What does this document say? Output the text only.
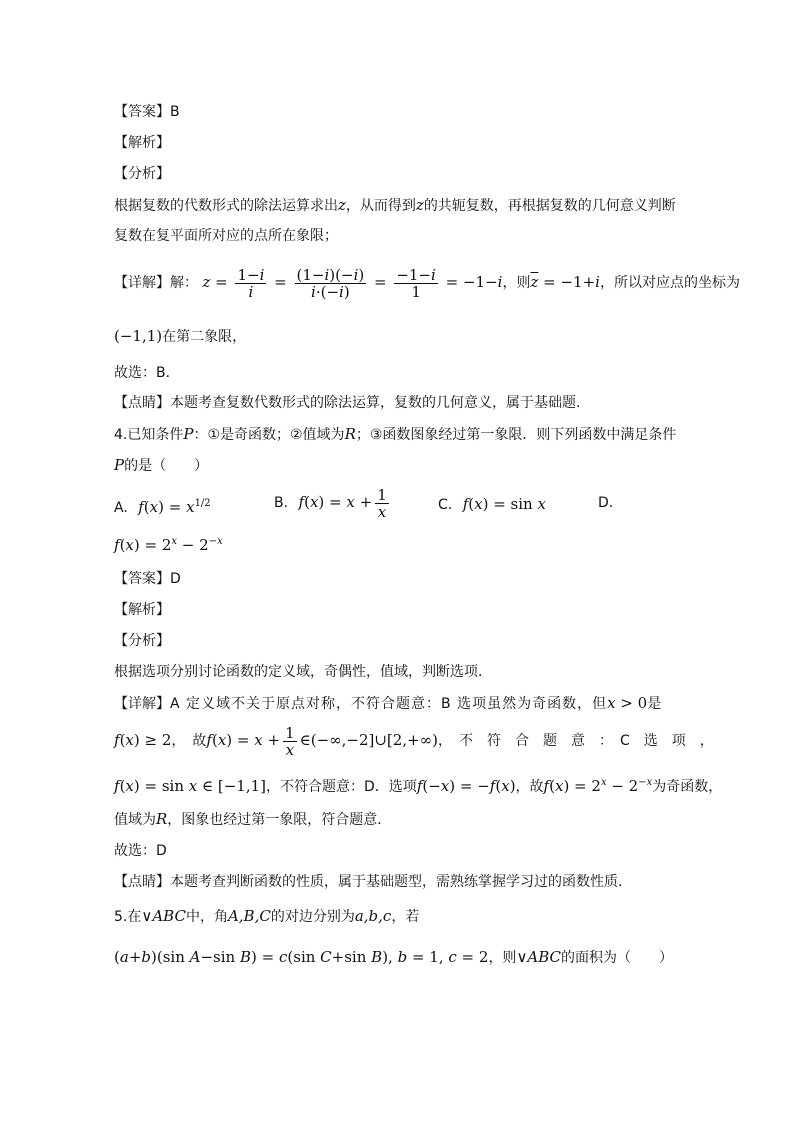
【答案】B
【解析】
【分析】
根据复数的代数形式的除法运算求出z，从而得到z的共轭复数，再根据复数的几何意义判断
复数在复平面所对应的点所在象限；
【详解】解： $z = \frac{1-i}{i} = \frac{(1-i)(-i)}{i\cdot(-i)} = \frac{-1-i}{1} = -1-i$，则$\overline{z} = -1+i$，所以对应点的坐标为
(−1,1)在第二象限，
故选：B．
【点睛】本题考查复数代数形式的除法运算，复数的几何意义，属于基础题.
4.已知条件P：①是奇函数；②值域为R；③函数图象经过第一象限．则下列函数中满足条件
P的是（　　）
A. $f(x) = x^{1/2}$	B. $f(x) = x + \frac{1}{x}$	C. f(x) = sin x	D.
$f(x) = 2^x - 2^{-x}$
【答案】D
【解析】
【分析】
根据选项分别讨论函数的定义域，奇偶性，值域，判断选项.
【详解】A 定义域不关于原点对称，不符合题意：B 选项虽然为奇函数，但x > 0是
f(x) ≥ 2，　故$f(x) = x + \frac{1}{x}$ ∈(−∞,−2]∪[2,+∞)，　不　符　合　题　意　：　C　选　项　，
f(x) = sin x ∈ [−1,1]，不符合题意：D．选项f(−x) = −f(x)，故$f(x) = 2^x - 2^{-x}$为奇函数，
值域为R，图象也经过第一象限，符合题意．
故选：D
【点睛】本题考查判断函数的性质，属于基础题型，需熟练掌握学习过的函数性质.
5.在∨ABC中，角A,B,C的对边分别为a,b,c，若
(a+b)(sin A−sin B) = c(sin C+sin B), b = 1, c = 2，则∨ABC的面积为（　　）
